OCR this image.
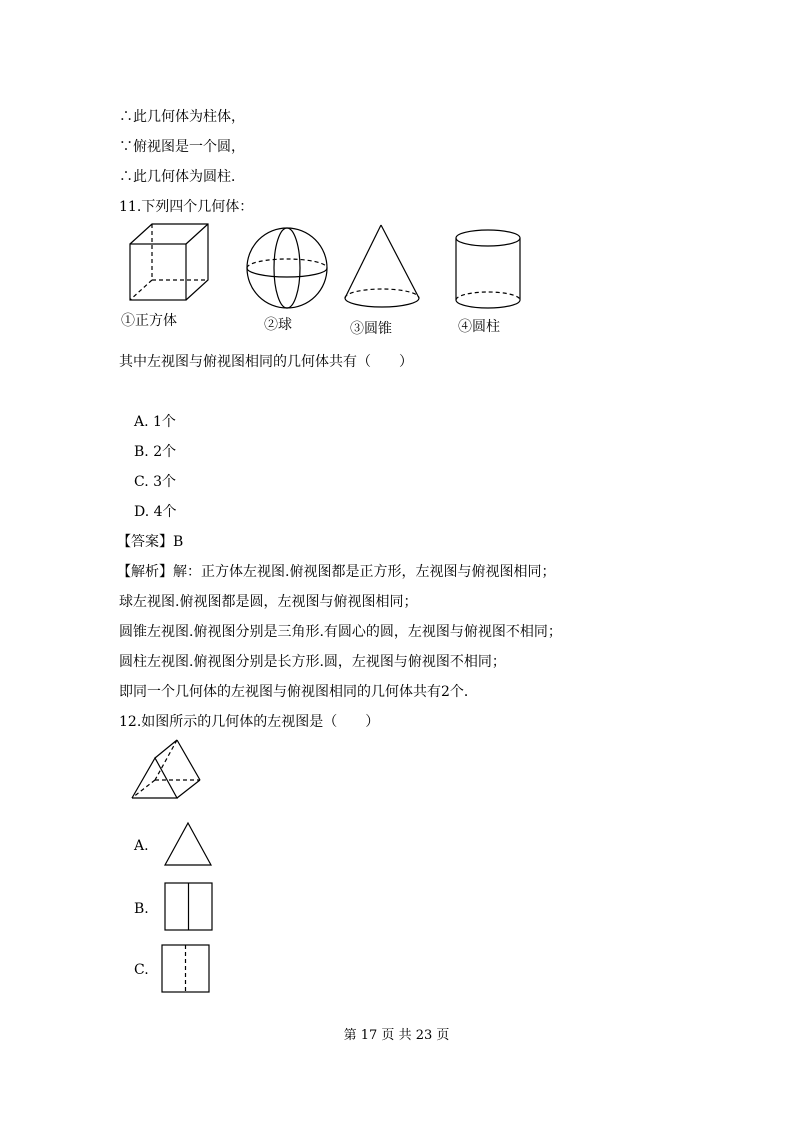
∴此几何体为柱体，
∵俯视图是一个圆，
∴此几何体为圆柱．
11.下列四个几何体：
①正方体	②球	③圆锥	④圆柱
其中左视图与俯视图相同的几何体共有（　　）
A. 1个
B. 2个
C. 3个
D. 4个
【答案】B
【解析】解：正方体左视图.俯视图都是正方形，左视图与俯视图相同；
球左视图.俯视图都是圆，左视图与俯视图相同；
圆锥左视图.俯视图分别是三角形.有圆心的圆，左视图与俯视图不相同；
圆柱左视图.俯视图分别是长方形.圆，左视图与俯视图不相同；
即同一个几何体的左视图与俯视图相同的几何体共有2个．
12.如图所示的几何体的左视图是（　　）
A.
B.
C.
第 17 页 共 23 页
